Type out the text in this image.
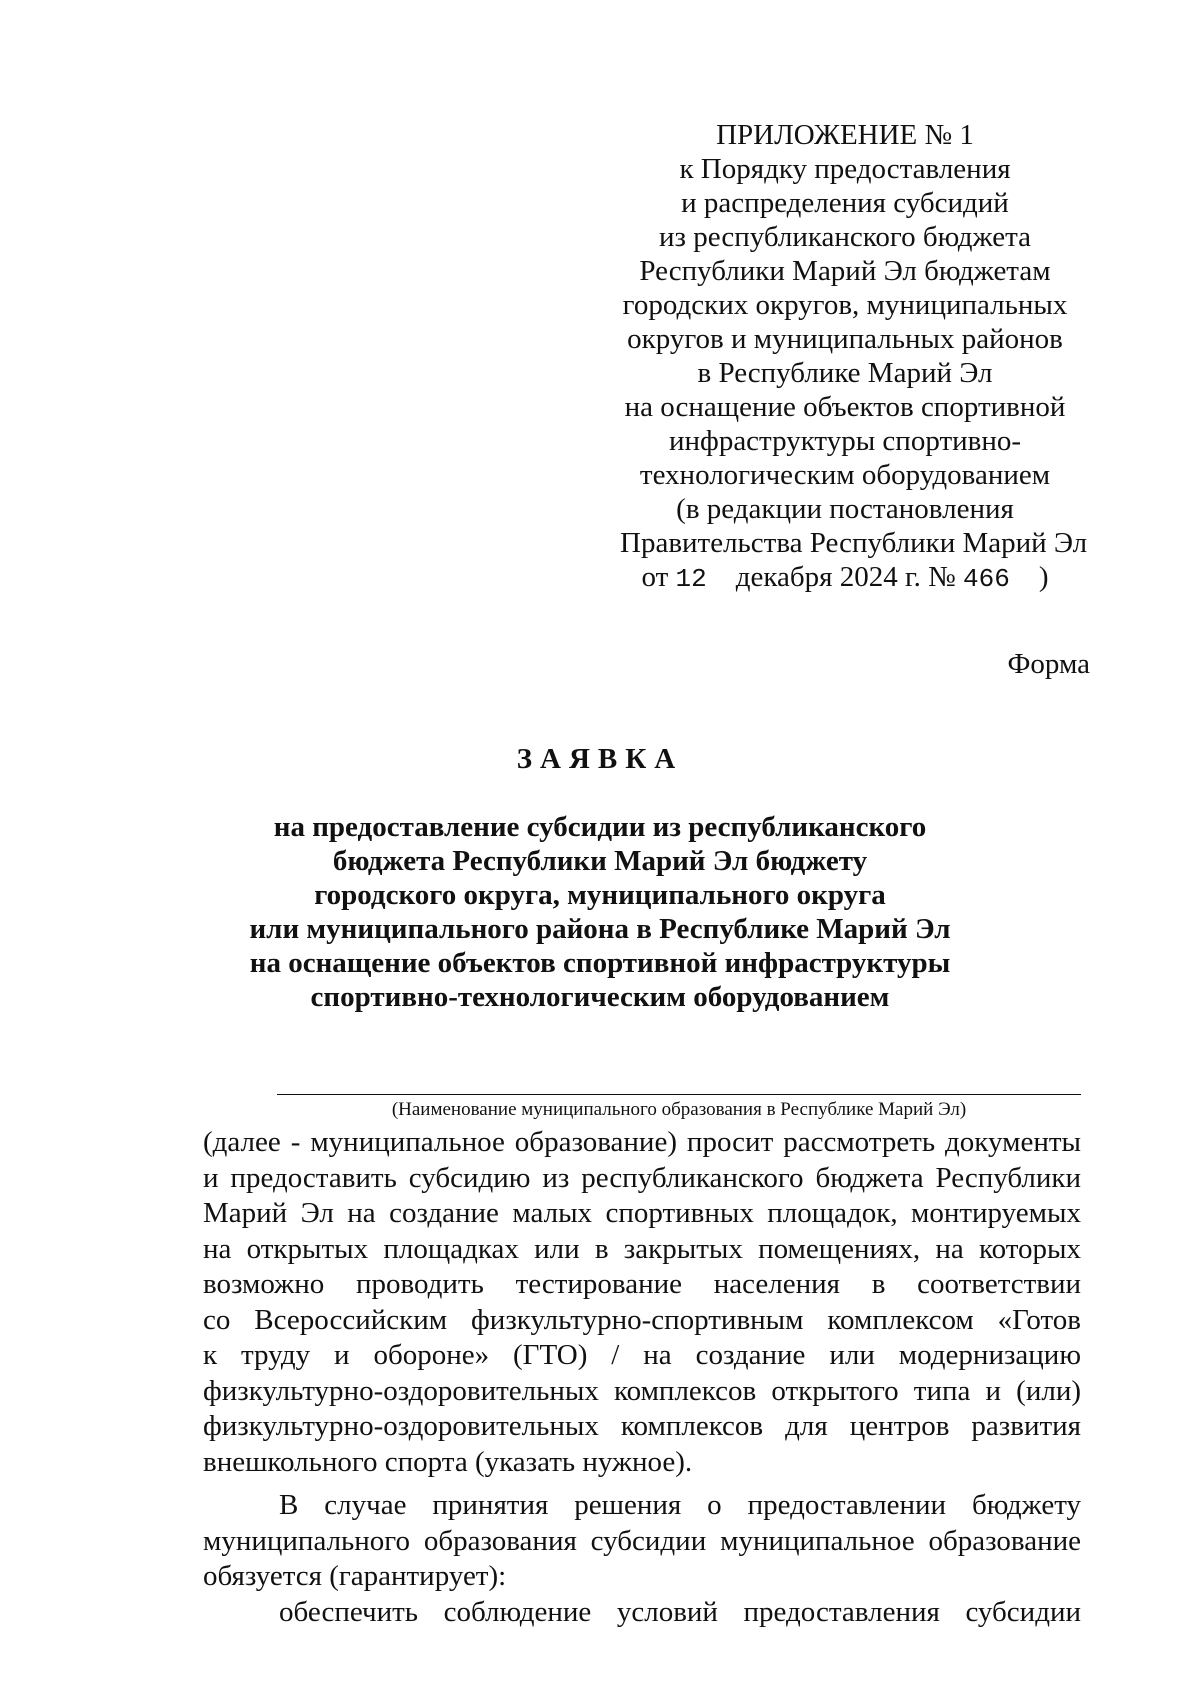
ПРИЛОЖЕНИЕ № 1
к Порядку предоставления
и распределения субсидий
из республиканского бюджета
Республики Марий Эл бюджетам
городских округов, муниципальных
округов и муниципальных районов
в Республике Марий Эл
на оснащение объектов спортивной
инфраструктуры спортивно-
технологическим оборудованием
(в редакции постановления
Правительства Республики Марий Эл
от 12 декабря 2024 г. № 466 )
Форма
ЗАЯВКА
на предоставление субсидии из республиканского
бюджета Республики Марий Эл бюджету
городского округа, муниципального округа
или муниципального района в Республике Марий Эл
на оснащение объектов спортивной инфраструктуры
спортивно-технологическим оборудованием
(Наименование муниципального образования в Республике Марий Эл)
(далее - муниципальное образование) просит рассмотреть документы
и предоставить субсидию из республиканского бюджета Республики
Марий Эл на создание малых спортивных площадок, монтируемых
на открытых площадках или в закрытых помещениях, на которых
возможно проводить тестирование населения в соответствии
со Всероссийским физкультурно-спортивным комплексом «Готов
к труду и обороне» (ГТО) / на создание или модернизацию
физкультурно-оздоровительных комплексов открытого типа и (или)
физкультурно-оздоровительных комплексов для центров развития
внешкольного спорта (указать нужное).
В случае принятия решения о предоставлении бюджету
муниципального образования субсидии муниципальное образование
обязуется (гарантирует):
обеспечить соблюдение условий предоставления субсидии
